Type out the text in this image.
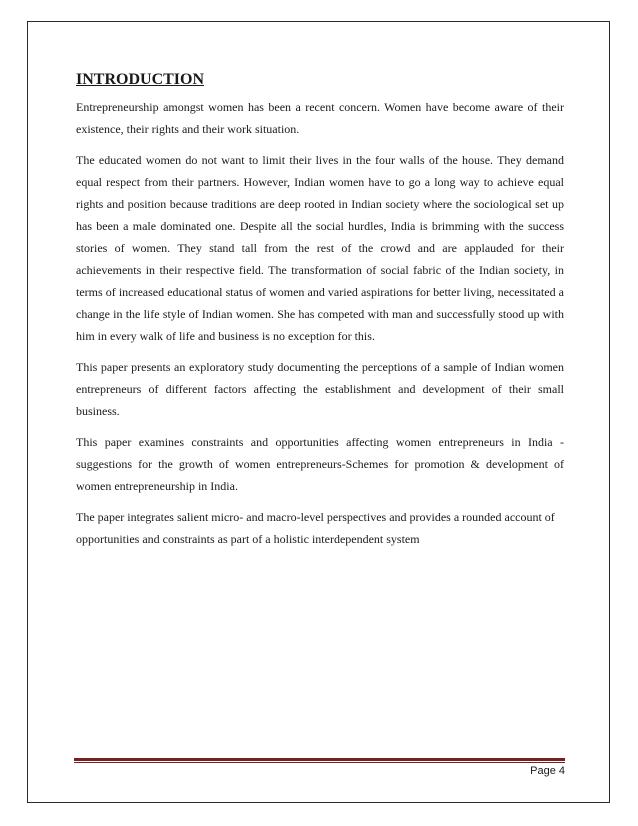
INTRODUCTION

Entrepreneurship amongst women has been a recent concern. Women have become aware of their existence, their rights and their work situation.

The educated women do not want to limit their lives in the four walls of the house. They demand equal respect from their partners. However, Indian women have to go a long way to achieve equal rights and position because traditions are deep rooted in Indian society where the sociological set up has been a male dominated one. Despite all the social hurdles, India is brimming with the success stories of women. They stand tall from the rest of the crowd and are applauded for their achievements in their respective field. The transformation of social fabric of the Indian society, in terms of increased educational status of women and varied aspirations for better living, necessitated a change in the life style of Indian women. She has competed with man and successfully stood up with him in every walk of life and business is no exception for this.

This paper presents an exploratory study documenting the perceptions of a sample of Indian women entrepreneurs of different factors affecting the establishment and development of their small business.

This paper examines constraints and opportunities affecting women entrepreneurs in India - suggestions for the growth of women entrepreneurs-Schemes for promotion & development of women entrepreneurship in India.

The paper integrates salient micro- and macro-level perspectives and provides a rounded account of opportunities and constraints as part of a holistic interdependent system

Page 4
